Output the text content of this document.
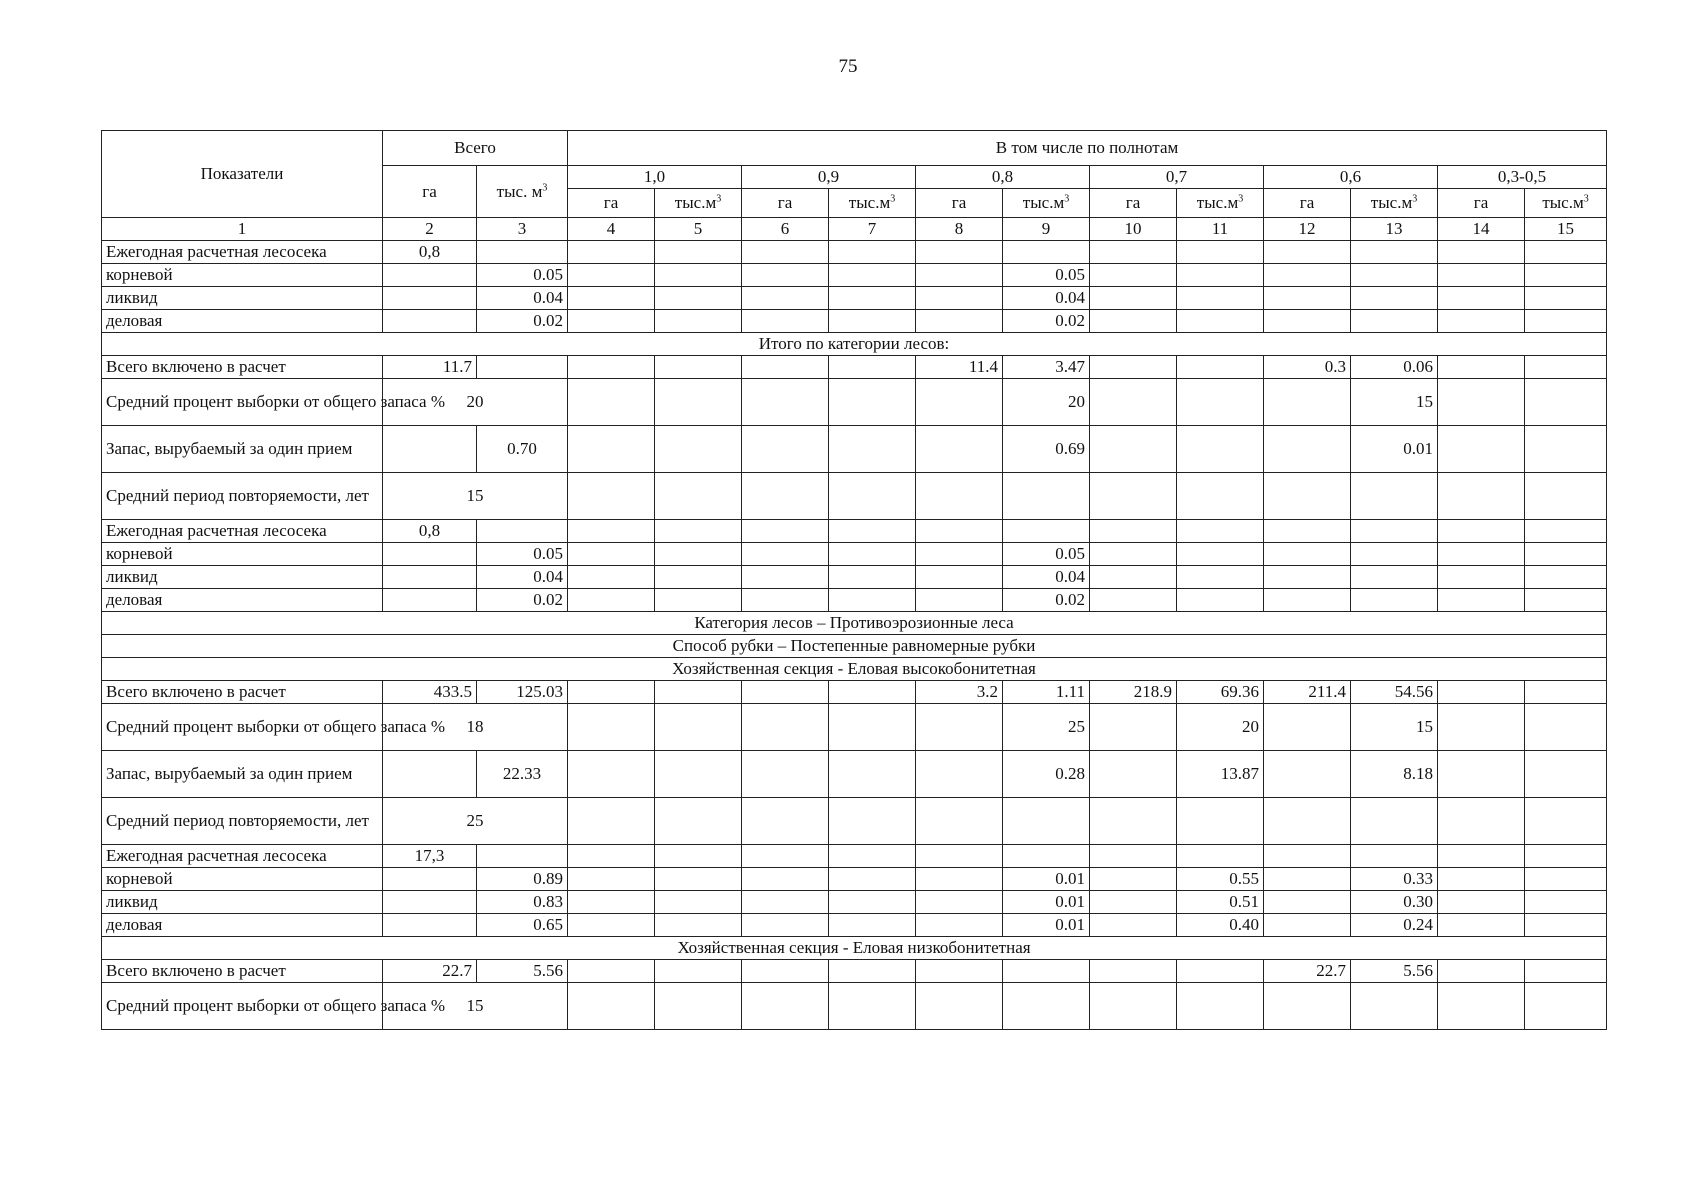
75
Показатели	Всего		В том числе по полнотам											
	га	тыс. $м^3$	1,0		0,9		0,8		0,7		0,6		0,3-0,5	
			га	$тыс.м^3$	га	$тыс.м^3$	га	$тыс.м^3$	га	$тыс.м^3$	га	$тыс.м^3$	га	$тыс.м^3$
1	2	3	4	5	6	7	8	9	10	11	12	13	14	15
Ежегодная расчетная лесосека	0,8													
корневой		0.05						0.05						
ликвид		0.04						0.04						
деловая		0.02						0.02						
Итого по категории лесов:														
Всего включено в расчет	11.7						11.4	3.47			0.3	0.06		
Средний процент выборки от общего запаса %	20							20				15		
Запас, вырубаемый за один прием		0.70						0.69				0.01		
Средний период повторяемости, лет	15													
Ежегодная расчетная лесосека	0,8													
корневой		0.05						0.05						
ликвид		0.04						0.04						
деловая		0.02						0.02						
Категория лесов – Противоэрозионные леса														
Способ рубки – Постепенные равномерные рубки														
Хозяйственная секция - Еловая высокобонитетная														
Всего включено в расчет	433.5	125.03					3.2	1.11	218.9	69.36	211.4	54.56		
Средний процент выборки от общего запаса %	18							25		20		15		
Запас, вырубаемый за один прием		22.33						0.28		13.87		8.18		
Средний период повторяемости, лет	25													
Ежегодная расчетная лесосека	17,3													
корневой		0.89						0.01		0.55		0.33		
ликвид		0.83						0.01		0.51		0.30		
деловая		0.65						0.01		0.40		0.24		
Хозяйственная секция - Еловая низкобонитетная														
Всего включено в расчет	22.7	5.56									22.7	5.56		
Средний процент выборки от общего запаса %	15													
